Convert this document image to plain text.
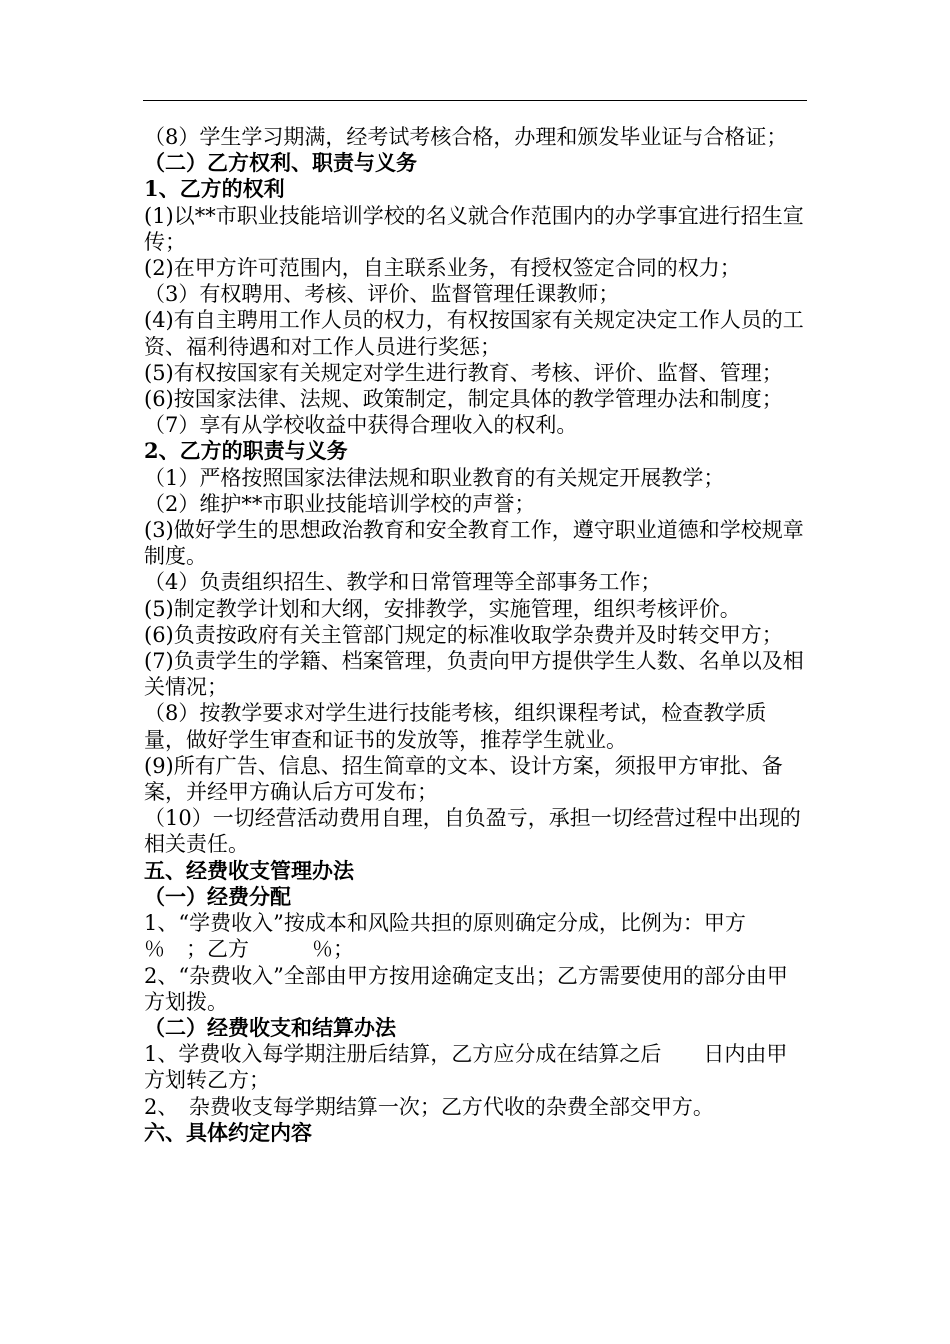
（8）学生学习期满，经考试考核合格，办理和颁发毕业证与合格证；

（二）乙方权利、职责与义务

1、乙方的权利

(1)以**市职业技能培训学校的名义就合作范围内的办学事宜进行招生宣传；

(2)在甲方许可范围内，自主联系业务，有授权签定合同的权力；

（3）有权聘用、考核、评价、监督管理任课教师；

(4)有自主聘用工作人员的权力，有权按国家有关规定决定工作人员的工资、福利待遇和对工作人员进行奖惩；

(5)有权按国家有关规定对学生进行教育、考核、评价、监督、管理；

(6)按国家法律、法规、政策制定，制定具体的教学管理办法和制度；

（7）享有从学校收益中获得合理收入的权利。

2、乙方的职责与义务

（1）严格按照国家法律法规和职业教育的有关规定开展教学；

（2）维护**市职业技能培训学校的声誉；

(3)做好学生的思想政治教育和安全教育工作，遵守职业道德和学校规章制度。

（4）负责组织招生、教学和日常管理等全部事务工作；

(5)制定教学计划和大纲，安排教学，实施管理，组织考核评价。

(6)负责按政府有关主管部门规定的标准收取学杂费并及时转交甲方；

(7)负责学生的学籍、档案管理，负责向甲方提供学生人数、名单以及相关情况；

（8）按教学要求对学生进行技能考核，组织课程考试，检查教学质量，做好学生审查和证书的发放等，推荐学生就业。

(9)所有广告、信息、招生简章的文本、设计方案，须报甲方审批、备案，并经甲方确认后方可发布；

（10）一切经营活动费用自理，自负盈亏，承担一切经营过程中出现的相关责任。

五、经费收支管理办法

（一）经费分配

1、“学费收入”按成本和风险共担的原则确定分成，比例为：甲方　　　％　；乙方　　　％；

2、“杂费收入”全部由甲方按用途确定支出；乙方需要使用的部分由甲方划拨。

（二）经费收支和结算办法

1、学费收入每学期注册后结算，乙方应分成在结算之后　　日内由甲方划转乙方；

2、　杂费收支每学期结算一次；乙方代收的杂费全部交甲方。

六、具体约定内容
